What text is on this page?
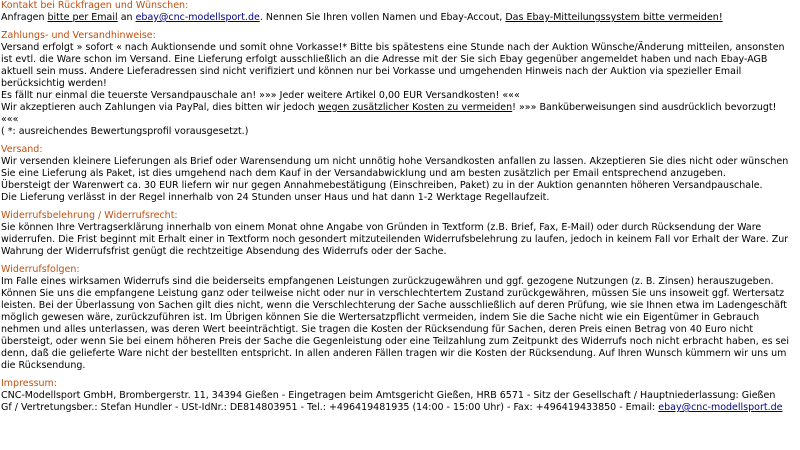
Kontakt bei Rückfragen und Wünschen:

Anfragen bitte per Email an ebay@cnc-modellsport.de. Nennen Sie Ihren vollen Namen und Ebay-Accout, Das Ebay-Mitteilungssystem bitte vermeiden!

Zahlungs- und Versandhinweise:

Versand erfolgt » sofort « nach Auktionsende und somit ohne Vorkasse!* Bitte bis spätestens eine Stunde nach der Auktion Wünsche/Änderung mitteilen, ansonsten ist evtl. die Ware schon im Versand. Eine Lieferung erfolgt ausschließlich an die Adresse mit der Sie sich Ebay gegenüber angemeldet haben und nach Ebay-AGB aktuell sein muss. Andere Lieferadressen sind nicht verifiziert und können nur bei Vorkasse und umgehenden Hinweis nach der Auktion via spezieller Email berücksichtig werden!

Es fällt nur einmal die teuerste Versandpauschale an! »»» Jeder weitere Artikel 0,00 EUR Versandkosten! «««

Wir akzeptieren auch Zahlungen via PayPal, dies bitten wir jedoch wegen zusätzlicher Kosten zu vermeiden! »»» Banküberweisungen sind ausdrücklich bevorzugt! «««

( *: ausreichendes Bewertungsprofil vorausgesetzt.)

Versand:

Wir versenden kleinere Lieferungen als Brief oder Warensendung um nicht unnötig hohe Versandkosten anfallen zu lassen. Akzeptieren Sie dies nicht oder wünschen Sie eine Lieferung als Paket, ist dies umgehend nach dem Kauf in der Versandabwicklung und am besten zusätzlich per Email entsprechend anzugeben.

Übersteigt der Warenwert ca. 30 EUR liefern wir nur gegen Annahmebestätigung (Einschreiben, Paket) zu in der Auktion genannten höheren Versandpauschale.

Die Lieferung verlässt in der Regel innerhalb von 24 Stunden unser Haus und hat dann 1-2 Werktage Regellaufzeit.

Widerrufsbelehrung / Widerrufsrecht:

Sie können Ihre Vertragserklärung innerhalb von einem Monat ohne Angabe von Gründen in Textform (z.B. Brief, Fax, E-Mail) oder durch Rücksendung der Ware widerrufen. Die Frist beginnt mit Erhalt einer in Textform noch gesondert mitzuteilenden Widerrufsbelehrung zu laufen, jedoch in keinem Fall vor Erhalt der Ware. Zur Wahrung der Widerrufsfrist genügt die rechtzeitige Absendung des Widerrufs oder der Sache.

Widerrufsfolgen:

Im Falle eines wirksamen Widerrufs sind die beiderseits empfangenen Leistungen zurückzugewähren und ggf. gezogene Nutzungen (z. B. Zinsen) herauszugeben. Können Sie uns die empfangene Leistung ganz oder teilweise nicht oder nur in verschlechtertem Zustand zurückgewähren, müssen Sie uns insoweit ggf. Wertersatz leisten. Bei der Überlassung von Sachen gilt dies nicht, wenn die Verschlechterung der Sache ausschließlich auf deren Prüfung, wie sie Ihnen etwa im Ladengeschäft möglich gewesen wäre, zurückzuführen ist. Im Übrigen können Sie die Wertersatzpflicht vermeiden, indem Sie die Sache nicht wie ein Eigentümer in Gebrauch nehmen und alles unterlassen, was deren Wert beeinträchtigt. Sie tragen die Kosten der Rücksendung für Sachen, deren Preis einen Betrag von 40 Euro nicht übersteigt, oder wenn Sie bei einem höheren Preis der Sache die Gegenleistung oder eine Teilzahlung zum Zeitpunkt des Widerrufs noch nicht erbracht haben, es sei denn, daß die gelieferte Ware nicht der bestellten entspricht. In allen anderen Fällen tragen wir die Kosten der Rücksendung. Auf Ihren Wunsch kümmern wir uns um die Rücksendung.

Impressum:

CNC-Modellsport GmbH, Brombergerstr. 11, 34394 Gießen - Eingetragen beim Amtsgericht Gießen, HRB 6571 - Sitz der Gesellschaft / Hauptniederlassung: Gießen

Gf / Vertretungsber.: Stefan Hundler - USt-IdNr.: DE814803951 - Tel.: +496419481935 (14:00 - 15:00 Uhr) - Fax: +496419433850 - Email: ebay@cnc-modellsport.de
